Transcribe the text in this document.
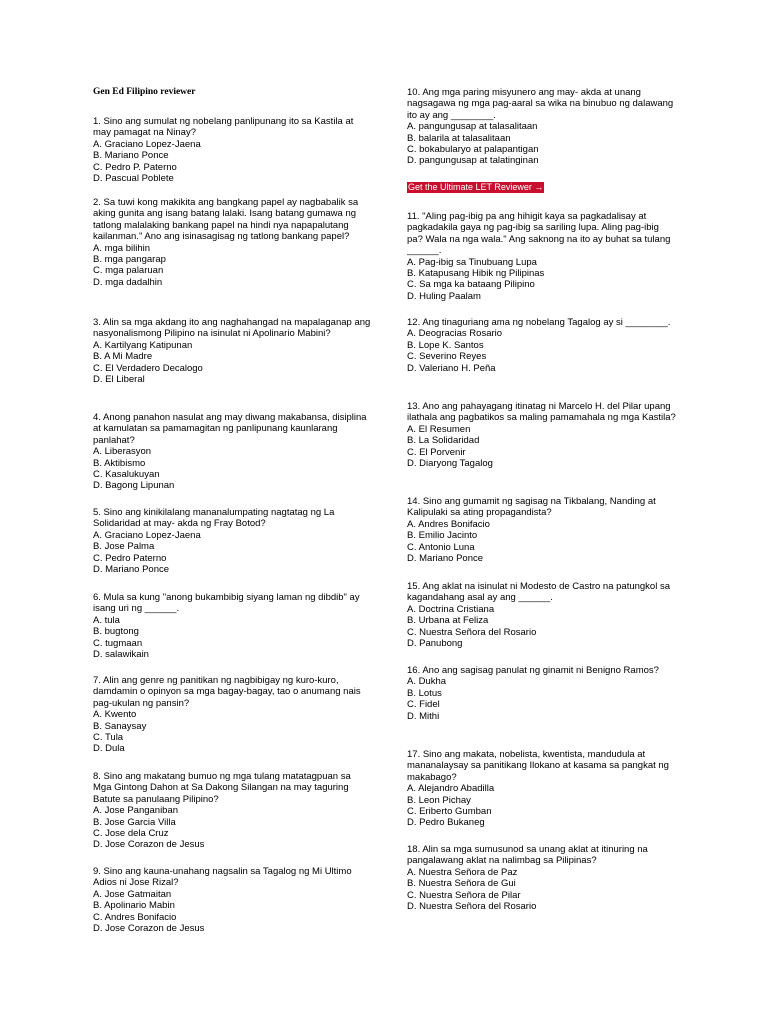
Gen Ed Filipino reviewer
Get the Ultimate LET Reviewer →
1. Sino ang sumulat ng nobelang panlipunang ito sa Kastila at may pamagat na Ninay?
A. Graciano Lopez-Jaena
B. Mariano Ponce
C. Pedro P. Paterno
D. Pascual Poblete
2. Sa tuwi kong makikita ang bangkang papel ay nagbabalik sa aking gunita ang isang batang lalaki. Isang batang gumawa ng tatlong malalaking bankang papel na hindi nya napapalutang kailanman." Ano ang isinasagisag ng tatlong bankang papel?
A. mga bilihin
B. mga pangarap
C. mga palaruan
D. mga dadalhin
3. Alin sa mga akdang ito ang naghahangad na mapalaganap ang nasyonalismong Pilipino na isinulat ni Apolinario Mabini?
A. Kartilyang Katipunan
B. A Mi Madre
C. El Verdadero Decalogo
D. El Liberal
4. Anong panahon nasulat ang may diwang makabansa, disiplina at kamulatan sa pamamagitan ng panlipunang kaunlarang panlahat?
A. Liberasyon
B. Aktibismo
C. Kasalukuyan
D. Bagong Lipunan
5. Sino ang kinikilalang mananalumpating nagtatag ng La Solidaridad at may- akda ng Fray Botod?
A. Graciano Lopez-Jaena
B. Jose Palma
C. Pedro Paterno
D. Mariano Ponce
6. Mula sa kung "anong bukambibig siyang laman ng dibdib" ay isang uri ng ______.
A. tula
B. bugtong
C. tugmaan
D. salawikain
7. Alin ang genre ng panitikan ng nagbibigay ng kuro-kuro, damdamin o opinyon sa mga bagay-bagay, tao o anumang nais pag-ukulan ng pansin?
A. Kwento
B. Sanaysay
C. Tula
D. Dula
8. Sino ang makatang bumuo ng mga tulang matatagpuan sa Mga Gintong Dahon at Sa Dakong Silangan na may taguring Batute sa panulaang Pilipino?
A. Jose Panganiban
B. Jose Garcia Villa
C. Jose dela Cruz
D. Jose Corazon de Jesus
9. Sino ang kauna-unahang nagsalin sa Tagalog ng Mi Ultimo Adios ni Jose Rizal?
A. Jose Gatmaitan
B. Apolinario Mabin
C. Andres Bonifacio
D. Jose Corazon de Jesus
10. Ang mga paring misyunero ang may- akda at unang nagsagawa ng mga pag-aaral sa wika na binubuo ng dalawang ito ay ang ________.
A. pangungusap at talasalitaan
B. balarila at talasalitaan
C. bokabularyo at palapantigan
D. pangungusap at talatinginan
11. "Aling pag-ibig pa ang hihigit kaya sa pagkadalisay at pagkadakila gaya ng pag-ibig sa sariling lupa. Aling pag-ibig pa? Wala na nga wala." Ang saknong na ito ay buhat sa tulang ______.
A. Pag-ibig sa Tinubuang Lupa
B. Katapusang Hibik ng Pilipinas
C. Sa mga ka bataang Pilipino
D. Huling Paalam
12. Ang tinaguriang ama ng nobelang Tagalog ay si ________.
A. Deogracias Rosario
B. Lope K. Santos
C. Severino Reyes
D. Valeriano H. Peña
13. Ano ang pahayagang itinatag ni Marcelo H. del Pilar upang ilathala ang pagbatikos sa maling pamamahala ng mga Kastila?
A. El Resumen
B. La Solidaridad
C. El Porvenir
D. Diaryong Tagalog
14. Sino ang gumamit ng sagisag na Tikbalang, Nanding at Kalipulaki sa ating propagandista?
A. Andres Bonifacio
B. Emilio Jacinto
C. Antonio Luna
D. Mariano Ponce
15. Ang aklat na isinulat ni Modesto de Castro na patungkol sa kagandahang asal ay ang ______.
A. Doctrina Cristiana
B. Urbana at Feliza
C. Nuestra Señora del Rosario
D. Panubong
16. Ano ang sagisag panulat ng ginamit ni Benigno Ramos?
A. Dukha
B. Lotus
C. Fidel
D. Mithi
17. Sino ang makata, nobelista, kwentista, mandudula at mananalaysay sa panitikang Ilokano at kasama sa pangkat ng makabago?
A. Alejandro Abadilla
B. Leon Pichay
C. Eriberto Gumban
D. Pedro Bukaneg
18. Alin sa mga sumusunod sa unang aklat at itinuring na pangalawang aklat na nalimbag sa Pilipinas?
A. Nuestra Señora de Paz
B. Nuestra Señora de Gui
C. Nuestra Señora de Pilar
D. Nuestra Señora del Rosario
